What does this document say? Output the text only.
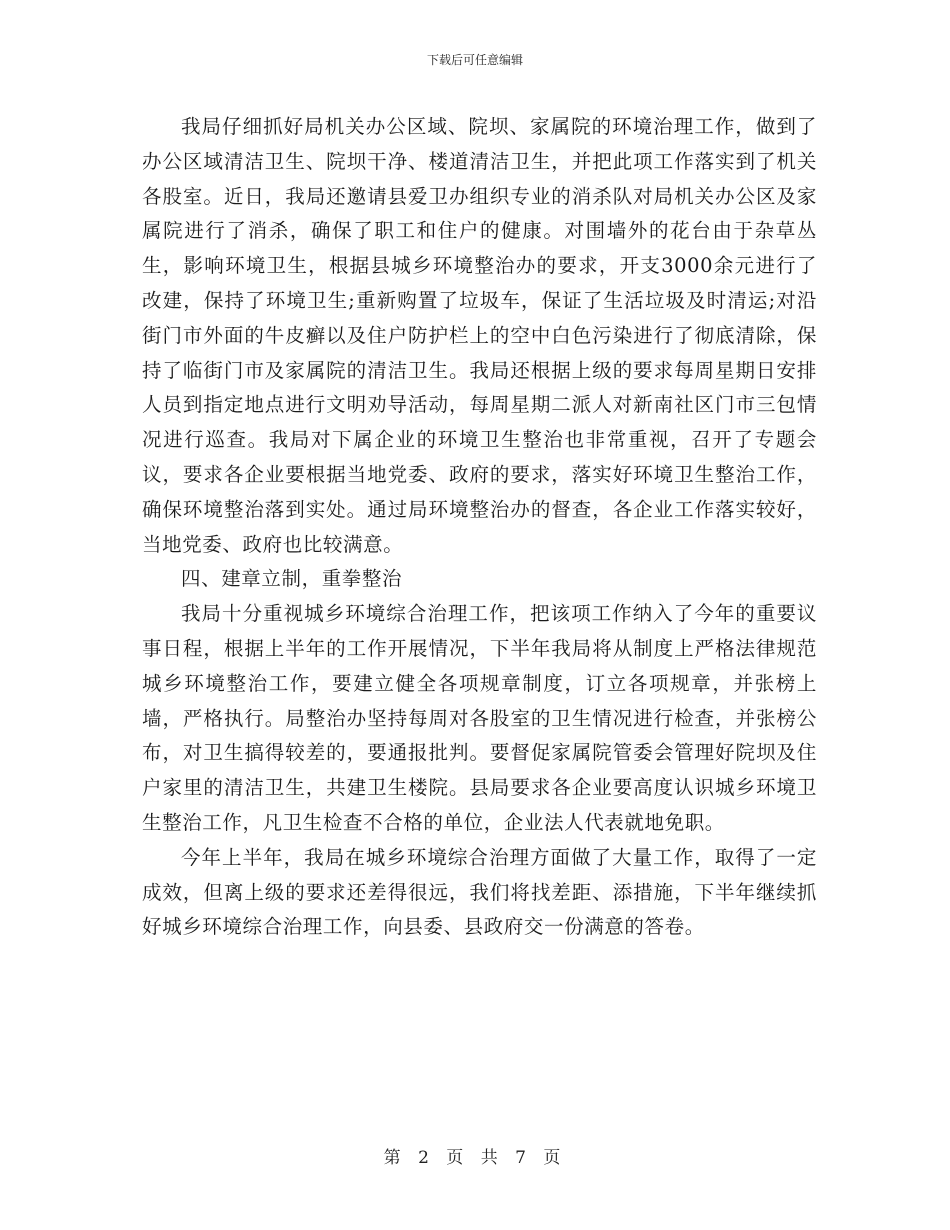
下载后可任意编辑

我局仔细抓好局机关办公区域、院坝、家属院的环境治理工作，做到了办公区域清洁卫生、院坝干净、楼道清洁卫生，并把此项工作落实到了机关各股室。近日，我局还邀请县爱卫办组织专业的消杀队对局机关办公区及家属院进行了消杀，确保了职工和住户的健康。对围墙外的花台由于杂草丛生，影响环境卫生，根据县城乡环境整治办的要求，开支3000余元进行了改建，保持了环境卫生;重新购置了垃圾车，保证了生活垃圾及时清运;对沿街门市外面的牛皮癣以及住户防护栏上的空中白色污染进行了彻底清除，保持了临街门市及家属院的清洁卫生。我局还根据上级的要求每周星期日安排人员到指定地点进行文明劝导活动，每周星期二派人对新南社区门市三包情况进行巡查。我局对下属企业的环境卫生整治也非常重视，召开了专题会议，要求各企业要根据当地党委、政府的要求，落实好环境卫生整治工作，确保环境整治落到实处。通过局环境整治办的督查，各企业工作落实较好，当地党委、政府也比较满意。

四、建章立制，重拳整治

我局十分重视城乡环境综合治理工作，把该项工作纳入了今年的重要议事日程，根据上半年的工作开展情况，下半年我局将从制度上严格法律规范城乡环境整治工作，要建立健全各项规章制度，订立各项规章，并张榜上墙，严格执行。局整治办坚持每周对各股室的卫生情况进行检查，并张榜公布，对卫生搞得较差的，要通报批判。要督促家属院管委会管理好院坝及住户家里的清洁卫生，共建卫生楼院。县局要求各企业要高度认识城乡环境卫生整治工作，凡卫生检查不合格的单位，企业法人代表就地免职。

今年上半年，我局在城乡环境综合治理方面做了大量工作，取得了一定成效，但离上级的要求还差得很远，我们将找差距、添措施，下半年继续抓好城乡环境综合治理工作，向县委、县政府交一份满意的答卷。

第 2 页 共 7 页
